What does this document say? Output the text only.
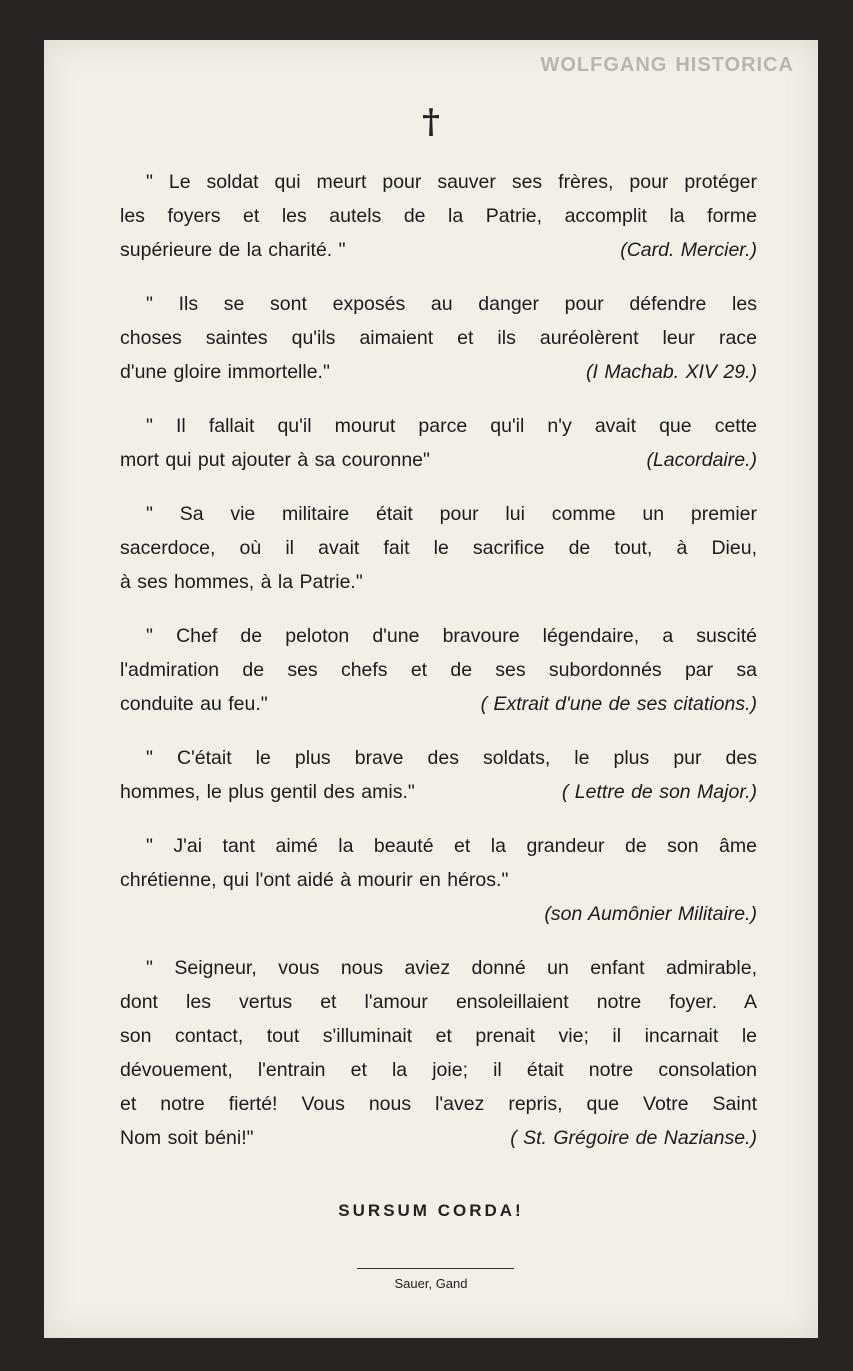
WOLFGANG HISTORICA
†
" Le soldat qui meurt pour sauver ses frères, pour protéger
les foyers et les autels de la Patrie, accomplit la forme
supérieure de la charité. "	(Card. Mercier.)
" Ils se sont exposés au danger pour défendre les
choses saintes qu'ils aimaient et ils auréolèrent leur race
d'une gloire immortelle."	(I Machab. XIV 29.)
" Il fallait qu'il mourut parce qu'il n'y avait que cette
mort qui put ajouter à sa couronne"	(Lacordaire.)
" Sa vie militaire était pour lui comme un premier
sacerdoce, où il avait fait le sacrifice de tout, à Dieu,
à ses hommes, à la Patrie."
" Chef de peloton d'une bravoure légendaire, a suscité
l'admiration de ses chefs et de ses subordonnés par sa
conduite au feu."	( Extrait d'une de ses citations.)
" C'était le plus brave des soldats, le plus pur des
hommes, le plus gentil des amis."	( Lettre de son Major.)
" J'ai tant aimé la beauté et la grandeur de son âme
chrétienne, qui l'ont aidé à mourir en héros."
(son Aumônier Militaire.)
" Seigneur, vous nous aviez donné un enfant admirable,
dont les vertus et l'amour ensoleillaient notre foyer. A
son contact, tout s'illuminait et prenait vie; il incarnait le
dévouement, l'entrain et la joie; il était notre consolation
et notre fierté! Vous nous l'avez repris, que Votre Saint
Nom soit béni!"	( St. Grégoire de Nazianse.)
SURSUM CORDA!
Sauer, Gand
